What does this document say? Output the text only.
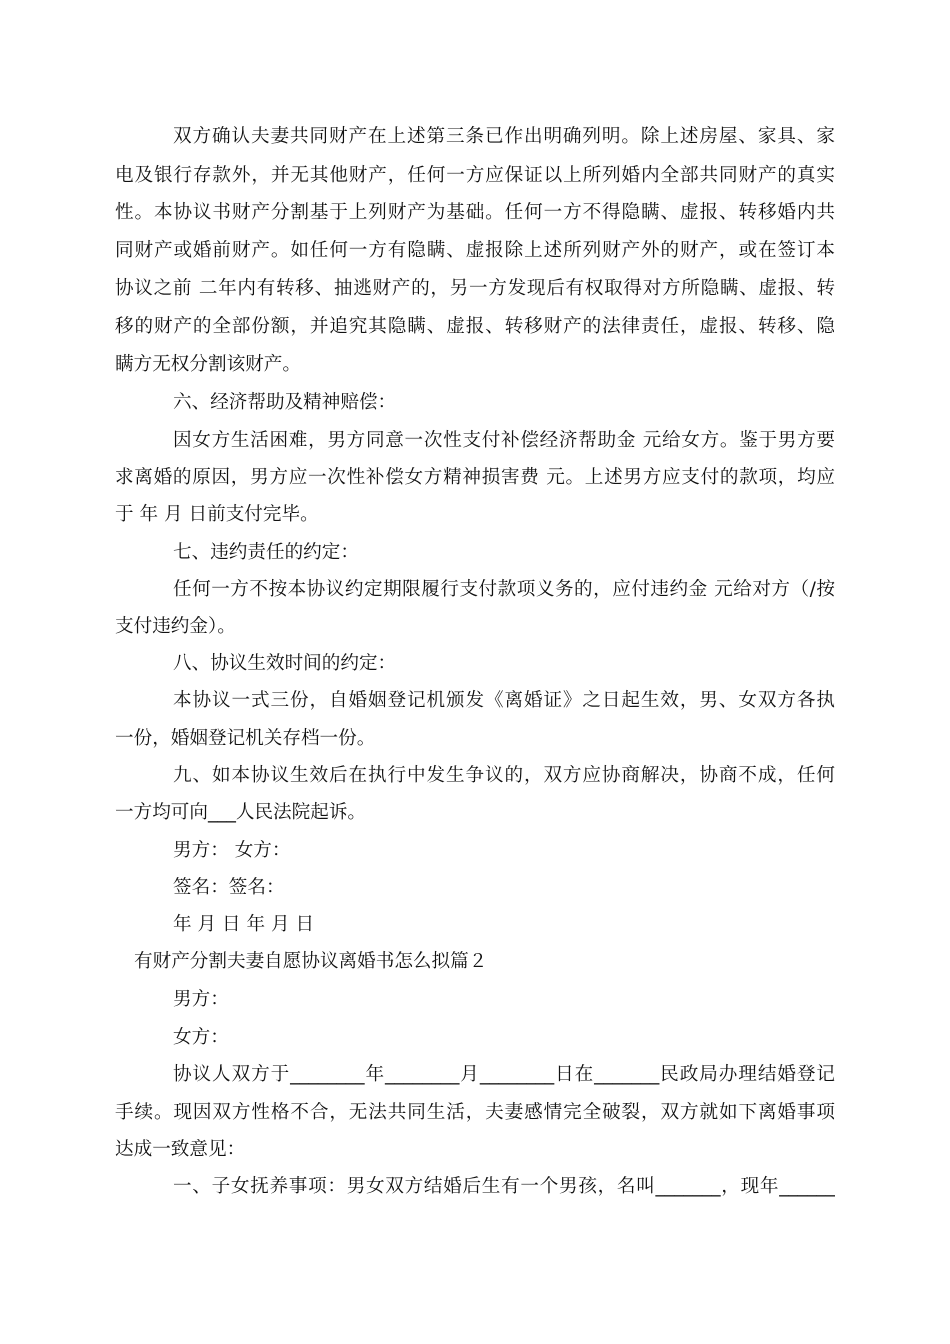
双方确认夫妻共同财产在上述第三条已作出明确列明。除上述房屋、家具、家
电及银行存款外，并无其他财产，任何一方应保证以上所列婚内全部共同财产的真实
性。本协议书财产分割基于上列财产为基础。任何一方不得隐瞒、虚报、转移婚内共
同财产或婚前财产。如任何一方有隐瞒、虚报除上述所列财产外的财产，或在签订本
协议之前 二年内有转移、抽逃财产的，另一方发现后有权取得对方所隐瞒、虚报、转
移的财产的全部份额，并追究其隐瞒、虚报、转移财产的法律责任，虚报、转移、隐
瞒方无权分割该财产。
六、经济帮助及精神赔偿：
因女方生活困难，男方同意一次性支付补偿经济帮助金 元给女方。鉴于男方要
求离婚的原因，男方应一次性补偿女方精神损害费 元。上述男方应支付的款项，均应
于 年 月 日前支付完毕。
七、违约责任的约定：
任何一方不按本协议约定期限履行支付款项义务的，应付违约金 元给对方（/按
支付违约金）。
八、协议生效时间的约定：
本协议一式三份，自婚姻登记机颁发《离婚证》之日起生效，男、女双方各执
一份，婚姻登记机关存档一份。
九、如本协议生效后在执行中发生争议的，双方应协商解决，协商不成，任何
一方均可向___人民法院起诉。
男方： 女方：
签名：签名：
年 月 日 年 月 日
有财产分割夫妻自愿协议离婚书怎么拟篇２
男方：
女方：
协议人双方于________年________月________日在_______民政局办理结婚登记
手续。现因双方性格不合，无法共同生活，夫妻感情完全破裂，双方就如下离婚事项
达成一致意见：
一、子女抚养事项：男女双方结婚后生有一个男孩，名叫_______，现年______
